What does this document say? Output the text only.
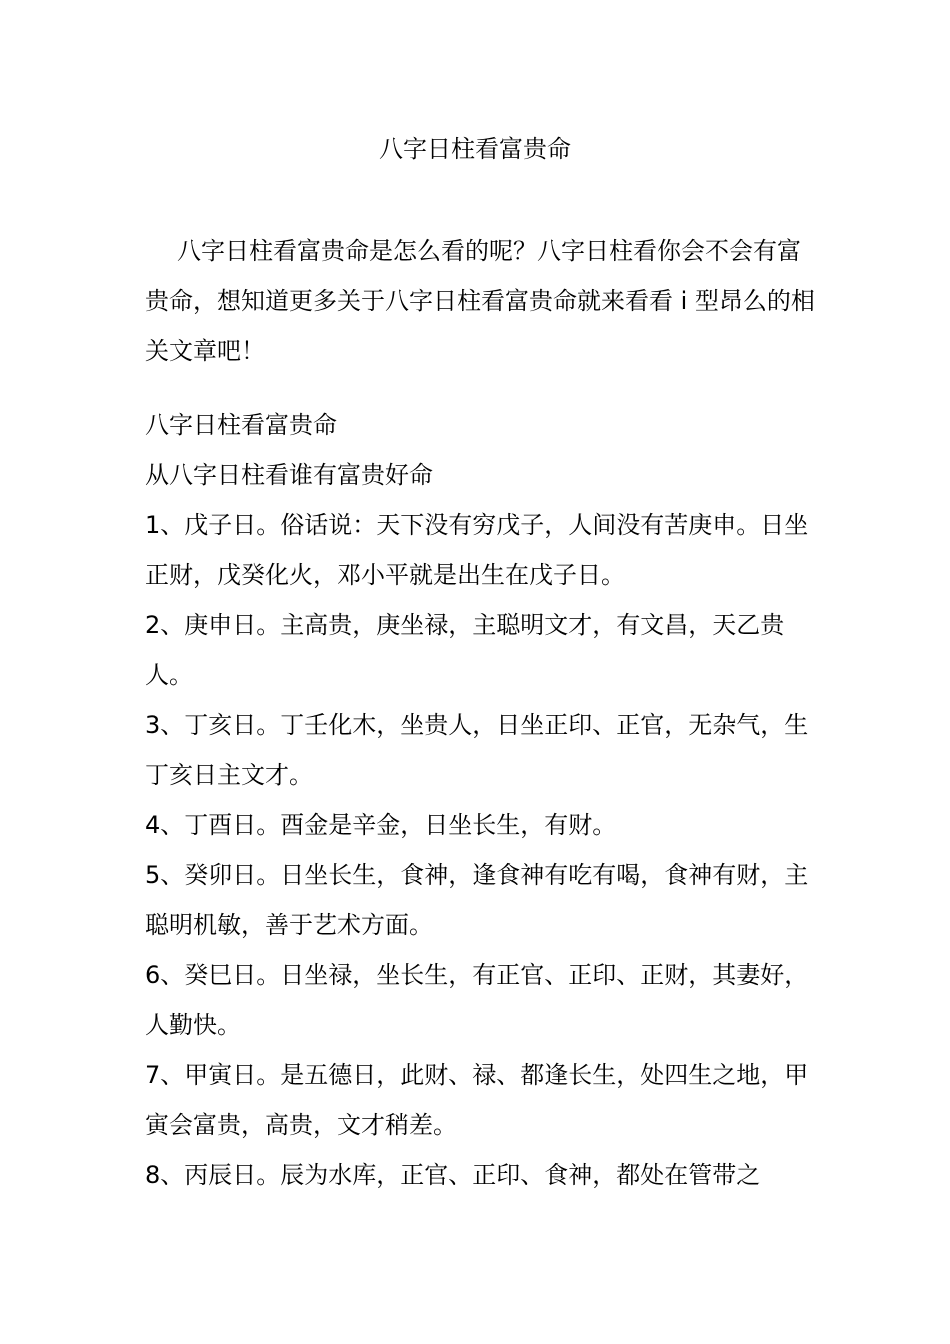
八字日柱看富贵命

八字日柱看富贵命是怎么看的呢？八字日柱看你会不会有富贵命，想知道更多关于八字日柱看富贵命就来看看 i 型昂么的相关文章吧！

八字日柱看富贵命

从八字日柱看谁有富贵好命

1、戊子日。俗话说：天下没有穷戊子，人间没有苦庚申。日坐正财，戊癸化火，邓小平就是出生在戊子日。

2、庚申日。主高贵，庚坐禄，主聪明文才，有文昌，天乙贵人。

3、丁亥日。丁壬化木，坐贵人，日坐正印、正官，无杂气，生丁亥日主文才。

4、丁酉日。酉金是辛金，日坐长生，有财。

5、癸卯日。日坐长生，食神，逢食神有吃有喝，食神有财，主聪明机敏，善于艺术方面。

6、癸巳日。日坐禄，坐长生，有正官、正印、正财，其妻好，人勤快。

7、甲寅日。是五德日，此财、禄、都逢长生，处四生之地，甲寅会富贵，高贵，文才稍差。

8、丙辰日。辰为水库，正官、正印、食神，都处在管带之
